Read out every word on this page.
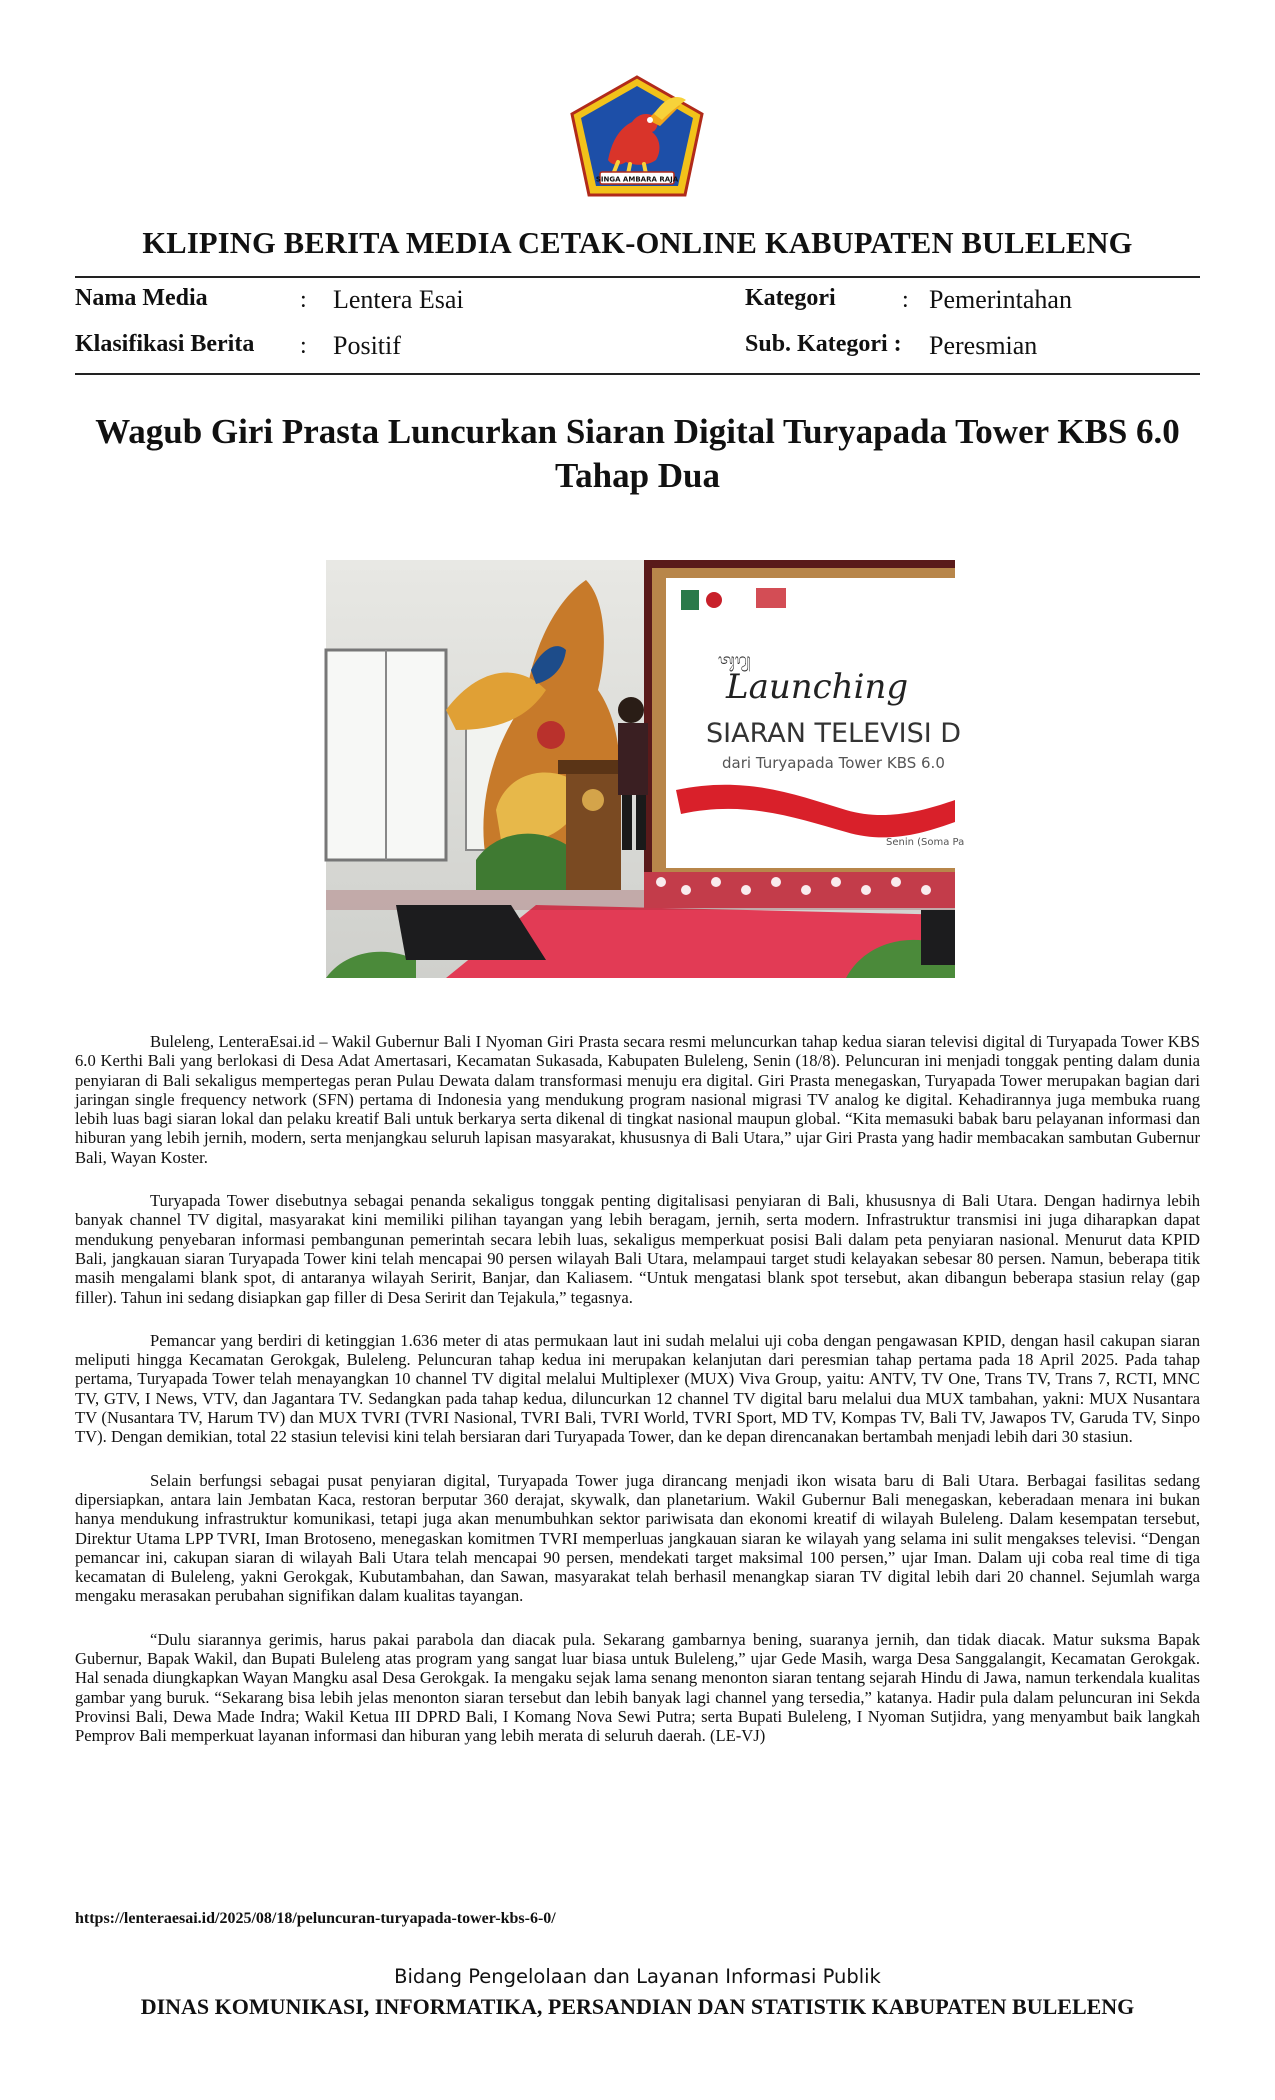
SINGA AMBARA RAJA
KLIPING BERITA MEDIA CETAK-ONLINE KABUPATEN BULELENG
Nama Media	: Lentera Esai	Kategori	: Pemerintahan
Klasifikasi Berita : Positif	Sub. Kategori : Peresmian
Wagub Giri Prasta Luncurkan Siaran Digital Turyapada Tower KBS 6.0
Tahap Dua
ᬢᬸᬭ᭄ᬬ
Launching
SIARAN TELEVISI D
dari Turyapada Tower KBS 6.0
Senin (Soma Pa

Buleleng, LenteraEsai.id – Wakil Gubernur Bali I Nyoman Giri Prasta secara resmi meluncurkan tahap kedua siaran televisi digital di Turyapada Tower KBS 6.0 Kerthi Bali yang berlokasi di Desa Adat Amertasari, Kecamatan Sukasada, Kabupaten Buleleng, Senin (18/8). Peluncuran ini menjadi tonggak penting dalam dunia penyiaran di Bali sekaligus mempertegas peran Pulau Dewata dalam transformasi menuju era digital. Giri Prasta menegaskan, Turyapada Tower merupakan bagian dari jaringan single frequency network (SFN) pertama di Indonesia yang mendukung program nasional migrasi TV analog ke digital. Kehadirannya juga membuka ruang lebih luas bagi siaran lokal dan pelaku kreatif Bali untuk berkarya serta dikenal di tingkat nasional maupun global. “Kita memasuki babak baru pelayanan informasi dan hiburan yang lebih jernih, modern, serta menjangkau seluruh lapisan masyarakat, khususnya di Bali Utara,” ujar Giri Prasta yang hadir membacakan sambutan Gubernur Bali, Wayan Koster.

Turyapada Tower disebutnya sebagai penanda sekaligus tonggak penting digitalisasi penyiaran di Bali, khususnya di Bali Utara. Dengan hadirnya lebih banyak channel TV digital, masyarakat kini memiliki pilihan tayangan yang lebih beragam, jernih, serta modern. Infrastruktur transmisi ini juga diharapkan dapat mendukung penyebaran informasi pembangunan pemerintah secara lebih luas, sekaligus memperkuat posisi Bali dalam peta penyiaran nasional. Menurut data KPID Bali, jangkauan siaran Turyapada Tower kini telah mencapai 90 persen wilayah Bali Utara, melampaui target studi kelayakan sebesar 80 persen. Namun, beberapa titik masih mengalami blank spot, di antaranya wilayah Seririt, Banjar, dan Kaliasem. “Untuk mengatasi blank spot tersebut, akan dibangun beberapa stasiun relay (gap filler). Tahun ini sedang disiapkan gap filler di Desa Seririt dan Tejakula,” tegasnya.

Pemancar yang berdiri di ketinggian 1.636 meter di atas permukaan laut ini sudah melalui uji coba dengan pengawasan KPID, dengan hasil cakupan siaran meliputi hingga Kecamatan Gerokgak, Buleleng. Peluncuran tahap kedua ini merupakan kelanjutan dari peresmian tahap pertama pada 18 April 2025. Pada tahap pertama, Turyapada Tower telah menayangkan 10 channel TV digital melalui Multiplexer (MUX) Viva Group, yaitu: ANTV, TV One, Trans TV, Trans 7, RCTI, MNC TV, GTV, I News, VTV, dan Jagantara TV. Sedangkan pada tahap kedua, diluncurkan 12 channel TV digital baru melalui dua MUX tambahan, yakni: MUX Nusantara TV (Nusantara TV, Harum TV) dan MUX TVRI (TVRI Nasional, TVRI Bali, TVRI World, TVRI Sport, MD TV, Kompas TV, Bali TV, Jawapos TV, Garuda TV, Sinpo TV). Dengan demikian, total 22 stasiun televisi kini telah bersiaran dari Turyapada Tower, dan ke depan direncanakan bertambah menjadi lebih dari 30 stasiun.

Selain berfungsi sebagai pusat penyiaran digital, Turyapada Tower juga dirancang menjadi ikon wisata baru di Bali Utara. Berbagai fasilitas sedang dipersiapkan, antara lain Jembatan Kaca, restoran berputar 360 derajat, skywalk, dan planetarium. Wakil Gubernur Bali menegaskan, keberadaan menara ini bukan hanya mendukung infrastruktur komunikasi, tetapi juga akan menumbuhkan sektor pariwisata dan ekonomi kreatif di wilayah Buleleng. Dalam kesempatan tersebut, Direktur Utama LPP TVRI, Iman Brotoseno, menegaskan komitmen TVRI memperluas jangkauan siaran ke wilayah yang selama ini sulit mengakses televisi. “Dengan pemancar ini, cakupan siaran di wilayah Bali Utara telah mencapai 90 persen, mendekati target maksimal 100 persen,” ujar Iman. Dalam uji coba real time di tiga kecamatan di Buleleng, yakni Gerokgak, Kubutambahan, dan Sawan, masyarakat telah berhasil menangkap siaran TV digital lebih dari 20 channel. Sejumlah warga mengaku merasakan perubahan signifikan dalam kualitas tayangan.

“Dulu siarannya gerimis, harus pakai parabola dan diacak pula. Sekarang gambarnya bening, suaranya jernih, dan tidak diacak. Matur suksma Bapak Gubernur, Bapak Wakil, dan Bupati Buleleng atas program yang sangat luar biasa untuk Buleleng,” ujar Gede Masih, warga Desa Sanggalangit, Kecamatan Gerokgak. Hal senada diungkapkan Wayan Mangku asal Desa Gerokgak. Ia mengaku sejak lama senang menonton siaran tentang sejarah Hindu di Jawa, namun terkendala kualitas gambar yang buruk. “Sekarang bisa lebih jelas menonton siaran tersebut dan lebih banyak lagi channel yang tersedia,” katanya. Hadir pula dalam peluncuran ini Sekda Provinsi Bali, Dewa Made Indra; Wakil Ketua III DPRD Bali, I Komang Nova Sewi Putra; serta Bupati Buleleng, I Nyoman Sutjidra, yang menyambut baik langkah Pemprov Bali memperkuat layanan informasi dan hiburan yang lebih merata di seluruh daerah. (LE-VJ)

https://lenteraesai.id/2025/08/18/peluncuran-turyapada-tower-kbs-6-0/
Bidang Pengelolaan dan Layanan Informasi Publik
DINAS KOMUNIKASI, INFORMATIKA, PERSANDIAN DAN STATISTIK KABUPATEN BULELENG
